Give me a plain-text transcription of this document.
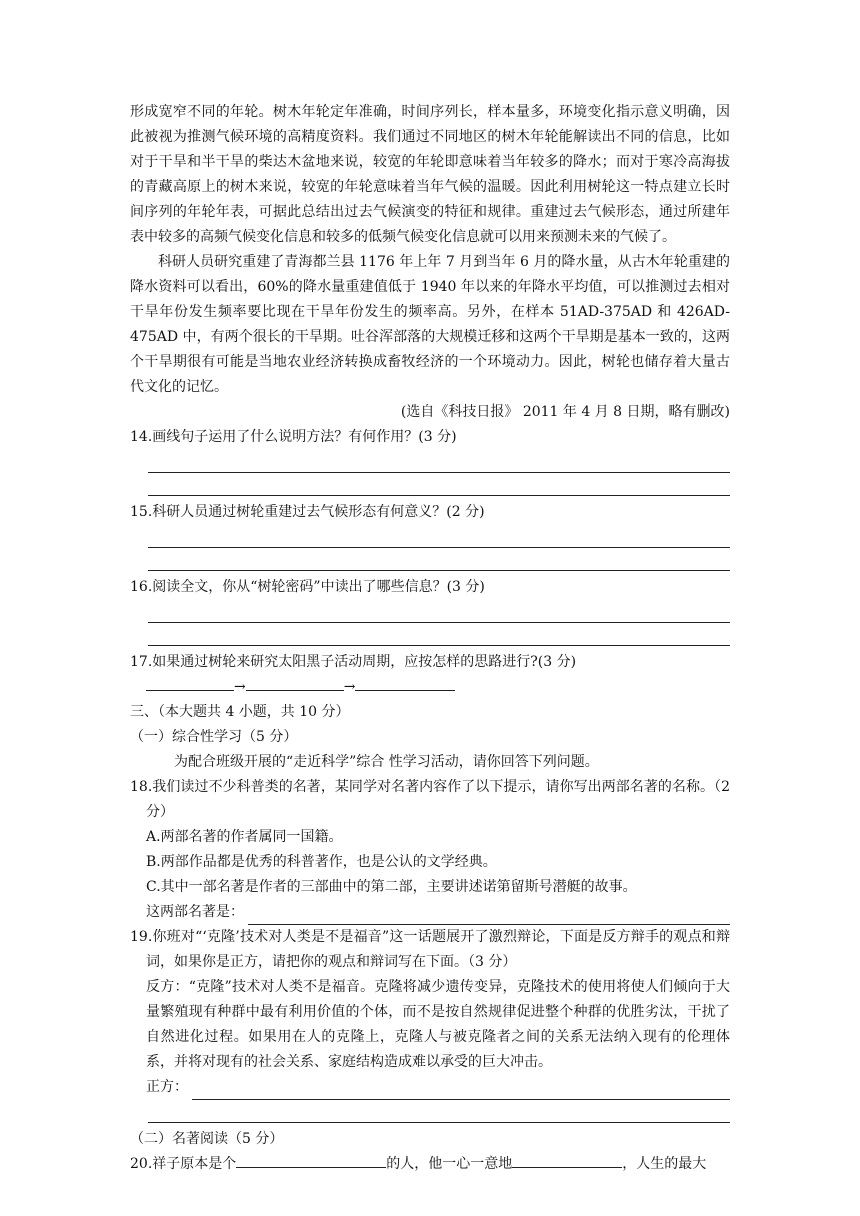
形成宽窄不同的年轮。树木年轮定年准确，时间序列长，样本量多，环境变化指示意义明确，因此被视为推测气候环境的高精度资料。我们通过不同地区的树木年轮能解读出不同的信息，比如对于干旱和半干旱的柴达木盆地来说，较宽的年轮即意味着当年较多的降水；而对于寒冷高海拔的青藏高原上的树木来说，较宽的年轮意味着当年气候的温暖。因此利用树轮这一特点建立长时间序列的年轮年表，可据此总结出过去气候演变的特征和规律。重建过去气候形态，通过所建年表中较多的高频气候变化信息和较多的低频气候变化信息就可以用来预测未来的气候了。

科研人员研究重建了青海都兰县 1176 年上年 7 月到当年 6 月的降水量，从古木年轮重建的降水资料可以看出，60%的降水量重建值低于 1940 年以来的年降水平均值，可以推测过去相对干旱年份发生频率要比现在干旱年份发生的频率高。另外，在样本 51AD-375AD 和 426AD-475AD 中，有两个很长的干旱期。吐谷浑部落的大规模迁移和这两个干旱期是基本一致的，这两个干旱期很有可能是当地农业经济转换成畜牧经济的一个环境动力。因此，树轮也储存着大量古代文化的记忆。

(选自《科技日报》 2011 年 4 月 8 日期，略有删改)

14.画线句子运用了什么说明方法？有何作用？(3 分)

15.科研人员通过树轮重建过去气候形态有何意义？(2 分)

16.阅读全文，你从“树轮密码”中读出了哪些信息？(3 分)

17.如果通过树轮来研究太阳黑子活动周期，应按怎样的思路进行?(3 分)

→	→

三、（本大题共 4 小题，共 10 分）

（一）综合性学习（5 分）

为配合班级开展的“走近科学”综合 性学习活动，请你回答下列问题。

18.我们读过不少科普类的名著，某同学对名著内容作了以下提示，请你写出两部名著的名称。（2 分）

A.两部名著的作者属同一国籍。

B.两部作品都是优秀的科普著作，也是公认的文学经典。

C.其中一部名著是作者的三部曲中的第二部，主要讲述诺第留斯号潜艇的故事。

这两部名著是：

19.你班对“‘克隆’技术对人类是不是福音”这一话题展开了激烈辩论，下面是反方辩手的观点和辩词，如果你是正方，请把你的观点和辩词写在下面。（3 分）

反方：“克隆”技术对人类不是福音。克隆将减少遗传变异，克隆技术的使用将使人们倾向于大量繁殖现有种群中最有利用价值的个体，而不是按自然规律促进整个种群的优胜劣汰，干扰了自然进化过程。如果用在人的克隆上，克隆人与被克隆者之间的关系无法纳入现有的伦理体系，并将对现有的社会关系、家庭结构造成难以承受的巨大冲击。

正方：

（二）名著阅读（5 分）

20.祥子原本是个	的人，他一心一意地	，人生的最大
